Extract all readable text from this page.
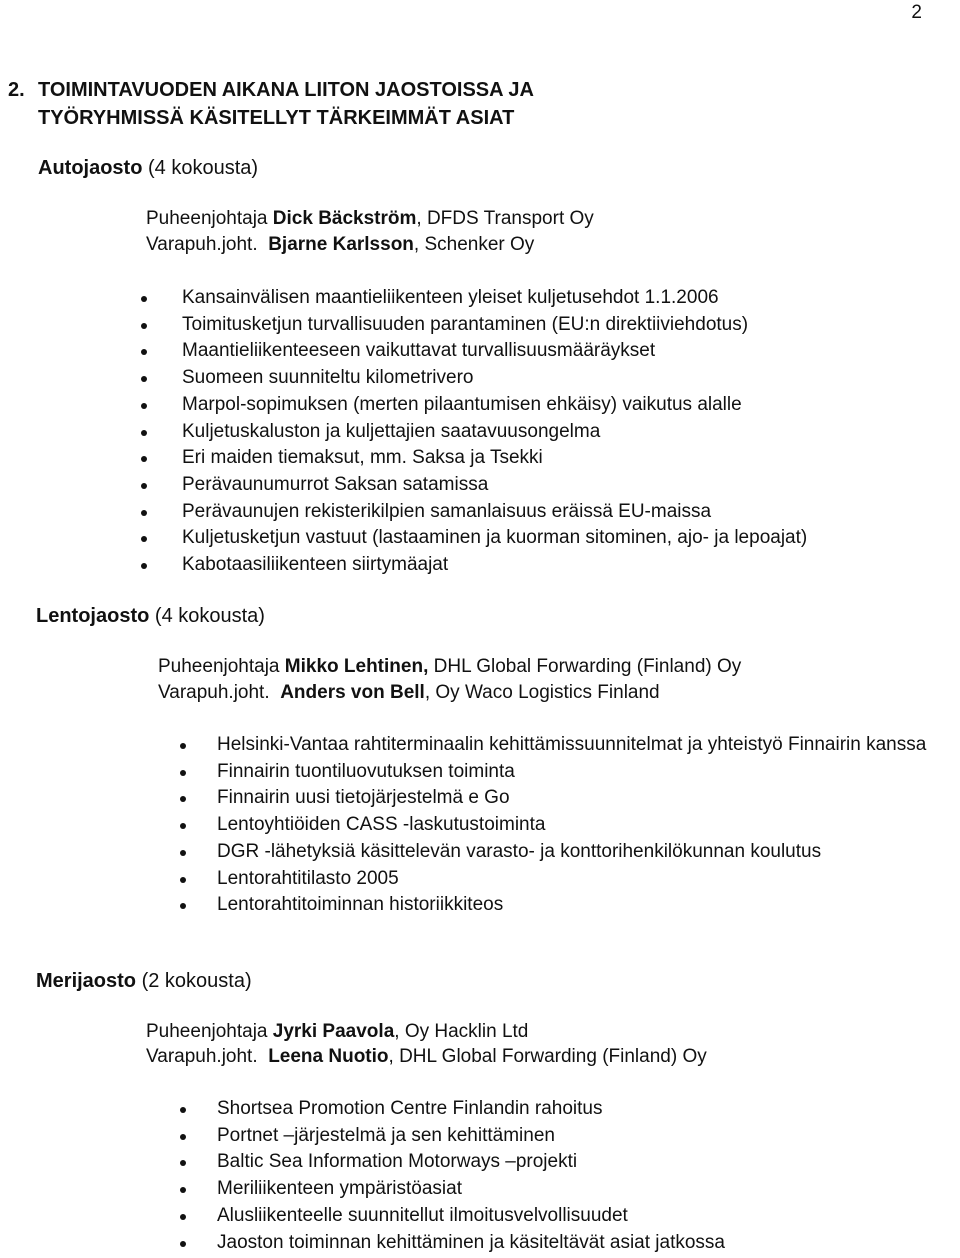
2
2. TOIMINTAVUODEN AIKANA LIITON JAOSTOISSA JA
TYÖRYHMISSÄ KÄSITELLYT TÄRKEIMMÄT ASIAT
Autojaosto (4 kokousta)
Puheenjohtaja Dick Bäckström, DFDS Transport Oy
Varapuh.joht. Bjarne Karlsson, Schenker Oy
Kansainvälisen maantieliikenteen yleiset kuljetusehdot 1.1.2006
Toimitusketjun turvallisuuden parantaminen (EU:n direktiiviehdotus)
Maantieliikenteeseen vaikuttavat turvallisuusmääräykset
Suomeen suunniteltu kilometrivero
Marpol-sopimuksen (merten pilaantumisen ehkäisy) vaikutus alalle
Kuljetuskaluston ja kuljettajien saatavuusongelma
Eri maiden tiemaksut, mm. Saksa ja Tsekki
Perävaunumurrot Saksan satamissa
Perävaunujen rekisterikilpien samanlaisuus eräissä EU-maissa
Kuljetusketjun vastuut (lastaaminen ja kuorman sitominen, ajo- ja lepoajat)
Kabotaasiliikenteen siirtymäajat
Lentojaosto (4 kokousta)
Puheenjohtaja Mikko Lehtinen, DHL Global Forwarding (Finland) Oy
Varapuh.joht. Anders von Bell, Oy Waco Logistics Finland
Helsinki-Vantaa rahtiterminaalin kehittämissuunnitelmat ja yhteistyö Finnairin kanssa
Finnairin tuontiluovutuksen toiminta
Finnairin uusi tietojärjestelmä e Go
Lentoyhtiöiden CASS -laskutustoiminta
DGR -lähetyksiä käsittelevän varasto- ja konttorihenkilökunnan koulutus
Lentorahtitilasto 2005
Lentorahtitoiminnan historiikkiteos
Merijaosto (2 kokousta)
Puheenjohtaja Jyrki Paavola, Oy Hacklin Ltd
Varapuh.joht. Leena Nuotio, DHL Global Forwarding (Finland) Oy
Shortsea Promotion Centre Finlandin rahoitus
Portnet –järjestelmä ja sen kehittäminen
Baltic Sea Information Motorways –projekti
Meriliikenteen ympäristöasiat
Alusliikenteelle suunnitellut ilmoitusvelvollisuudet
Jaoston toiminnan kehittäminen ja käsiteltävät asiat jatkossa
